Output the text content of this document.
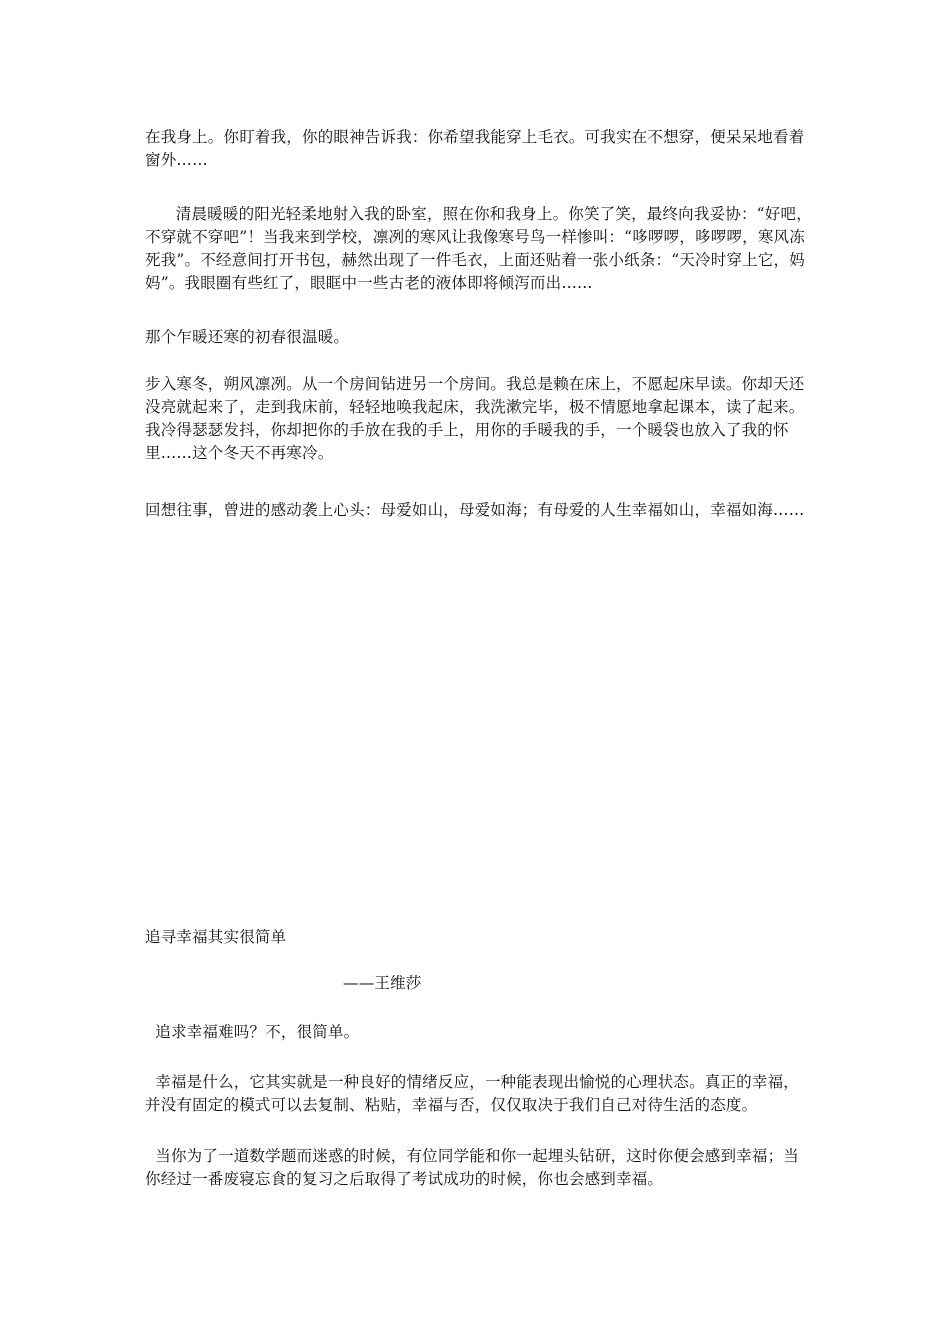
在我身上。你盯着我，你的眼神告诉我：你希望我能穿上毛衣。可我实在不想穿，便呆呆地看着窗外……

清晨暖暖的阳光轻柔地射入我的卧室，照在你和我身上。你笑了笑，最终向我妥协：“好吧，不穿就不穿吧”！当我来到学校，凛冽的寒风让我像寒号鸟一样惨叫：“哆啰啰，哆啰啰，寒风冻死我”。不经意间打开书包，赫然出现了一件毛衣，上面还贴着一张小纸条：“天冷时穿上它，妈妈”。我眼圈有些红了，眼眶中一些古老的液体即将倾泻而出……

那个乍暖还寒的初春很温暖。

步入寒冬，朔风凛冽。从一个房间钻进另一个房间。我总是赖在床上，不愿起床早读。你却天还没亮就起来了，走到我床前，轻轻地唤我起床，我洗漱完毕，极不情愿地拿起课本，读了起来。我冷得瑟瑟发抖，你却把你的手放在我的手上，用你的手暖我的手，一个暖袋也放入了我的怀里……这个冬天不再寒冷。

回想往事，曾进的感动袭上心头：母爱如山，母爱如海；有母爱的人生幸福如山，幸福如海……

追寻幸福其实很简单

——王维莎

追求幸福难吗？不，很简单。

幸福是什么，它其实就是一种良好的情绪反应，一种能表现出愉悦的心理状态。真正的幸福，并没有固定的模式可以去复制、粘贴，幸福与否，仅仅取决于我们自己对待生活的态度。

当你为了一道数学题而迷惑的时候，有位同学能和你一起埋头钻研，这时你便会感到幸福；当你经过一番废寝忘食的复习之后取得了考试成功的时候，你也会感到幸福。
